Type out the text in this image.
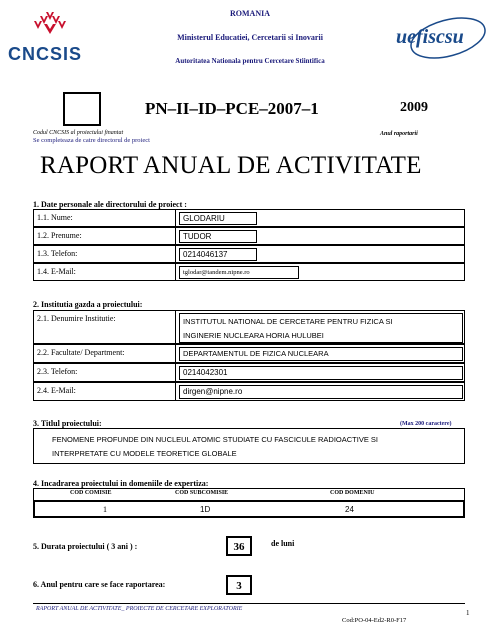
CNCSIS
ROMANIA
Ministerul Educatiei, Cercetarii si Inovarii
Autoritatea Nationala pentru Cercetare Stiintifica
uefiscsu
PN–II–ID–PCE–2007–1	2009
Codul CNCSIS al proiectului finantat
Se completeaza de catre directorul de proiect
Anul raportarii
RAPORT ANUAL DE ACTIVITATE
1. Date personale ale directorului de proiect :
1.1. Nume:	GLODARIU
1.2. Prenume:	TUDOR
1.3. Telefon:	0214046137
1.4. E-Mail:	tglodar@tandem.nipne.ro
2. Institutia gazda a proiectului:
2.1. Denumire Institutie:	INSTITUTUL NATIONAL DE CERCETARE PENTRU FIZICA SI
INGINERIE NUCLEARA HORIA HULUBEI
2.2. Facultate/ Department:	DEPARTAMENTUL DE FIZICA NUCLEARA
2.3. Telefon:	0214042301
2.4. E-Mail:	dirgen@nipne.ro
3. Titlul proiectului:	(Max 200 caractere)
FENOMENE PROFUNDE DIN NUCLEUL ATOMIC STUDIATE CU FASCICULE RADIOACTIVE SI
INTERPRETATE CU MODELE TEORETICE GLOBALE
4. Incadrarea proiectului in domeniile de expertiza:
COD COMISIE	COD SUBCOMISIE	COD DOMENIU
1	1D	24
5. Durata proiectului ( 3 ani ) :	36	de luni
6. Anul pentru care se face raportarea:	3
RAPORT ANUAL DE ACTIVITATE_ PROIECTE DE CERCETARE EXPLORATORIE	1
Cod:PO-04-Ed2-R0-F17
